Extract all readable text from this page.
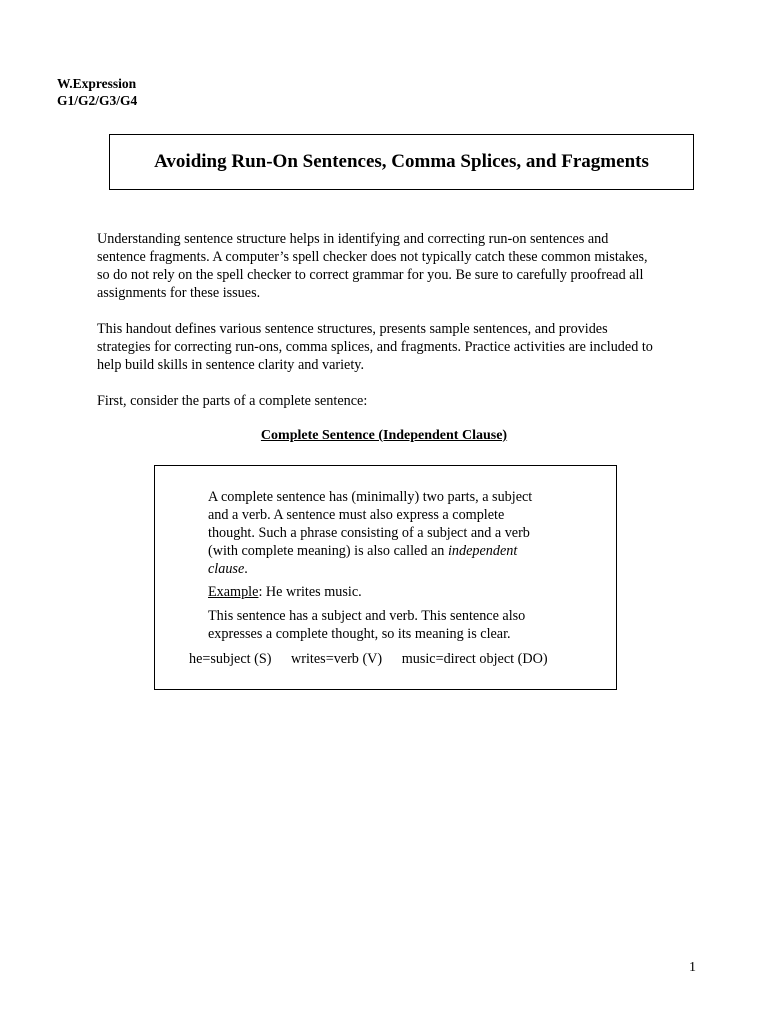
W.Expression
G1/G2/G3/G4
Avoiding Run-On Sentences, Comma Splices, and Fragments

Understanding sentence structure helps in identifying and correcting run-on sentences and sentence fragments. A computer’s spell checker does not typically catch these common mistakes, so do not rely on the spell checker to correct grammar for you. Be sure to carefully proofread all assignments for these issues.

This handout defines various sentence structures, presents sample sentences, and provides strategies for correcting run-ons, comma splices, and fragments. Practice activities are included to help build skills in sentence clarity and variety.

First, consider the parts of a complete sentence:

Complete Sentence (Independent Clause)

A complete sentence has (minimally) two parts, a subject and a verb. A sentence must also express a complete thought. Such a phrase consisting of a subject and a verb (with complete meaning) is also called an independent clause.

Example: He writes music.

This sentence has a subject and verb. This sentence also expresses a complete thought, so its meaning is clear.

he=subject (S) writes=verb (V) music=direct object (DO)
1
